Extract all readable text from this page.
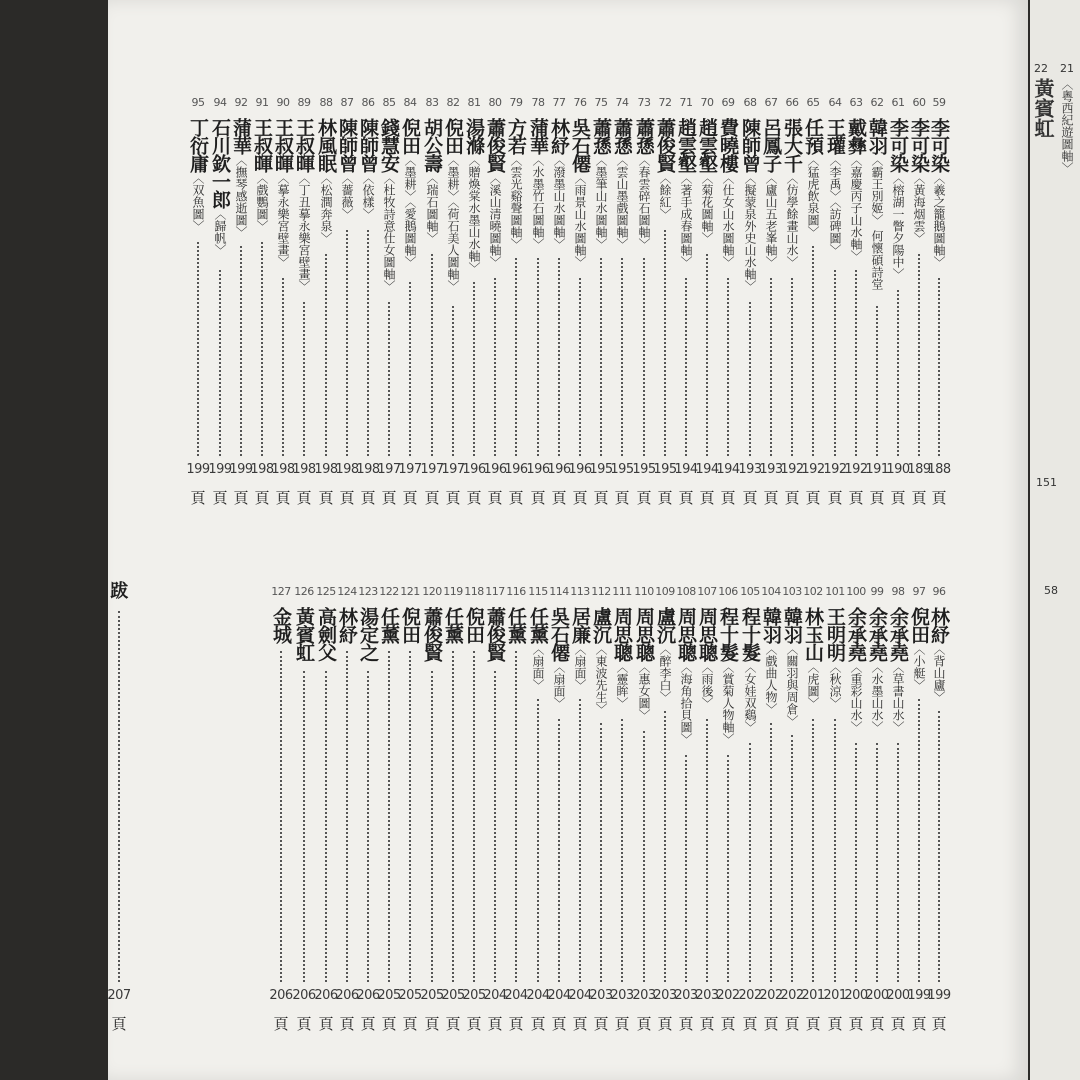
59
李可染〈羲之籠鵝圖軸〉
188
頁
60
李可染〈黃海烟雲〉
189
頁
61
李可染〈榕湖一瞥夕陽中〉
190
頁
62
韓羽〈霸王別姬〉 何懷碩詩堂
191
頁
63
戴彝〈嘉慶丙子山水軸〉
192
頁
64
王瓘〈李禹〉〈訪碑圖〉
192
頁
65
任預〈猛虎飲泉圖〉
192
頁
66
張大千〈仿學餘畫山水〉
192
頁
67
呂鳳子〈廬山五老峯軸〉
193
頁
68
陳師曾〈擬蒙泉外史山水軸〉
193
頁
69
費曉樓〈仕女山水圖軸〉
194
頁
70
趙雲壑〈菊花圖軸〉
194
頁
71
趙雲壑〈著手成春圖軸〉
194
頁
72
蕭俊賢〈餘紅〉
195
頁
73
蕭愻〈春雲碎石圖軸〉
195
頁
74
蕭愻〈雲山墨戲圖軸〉
195
頁
75
蕭愻〈墨筆山水圖軸〉
195
頁
76
吳石僊〈雨景山水圖軸〉
196
頁
77
林紓〈潑墨山水圖軸〉
196
頁
78
蒲華〈水墨竹石圖軸〉
196
頁
79
方若〈雲光谿聲圖軸〉
196
頁
80
蕭俊賢〈溪山清曉圖軸〉
196
頁
81
湯滌〈贈煥棠水墨山水軸〉
196
頁
82
倪田〈墨耕〉〈荷石美人圖軸〉
197
頁
83
胡公壽〈瑞石圖軸〉
197
頁
84
倪田〈墨耕〉〈愛鵝圖軸〉
197
頁
85
錢慧安〈杜牧詩意仕女圖軸〉
197
頁
86
陳師曾〈依樣〉
198
頁
87
陳師曾〈薔薇〉
198
頁
88
林風眠〈松澗奔泉〉
198
頁
89
王叔暉〈丁丑摹永樂宮壁畫〉
198
頁
90
王叔暉〈摹永樂宮壁畫〉
198
頁
91
王叔暉〈戲鸚圖〉
198
頁
92
蒲華〈撫琴感逝圖〉
199
頁
94
石川欽一郎〈歸帆〉
199
頁
95
丁衍庸〈双魚圖〉
199
頁
96
林紓〈背山廬〉
199
頁
97
倪田〈小艇〉
199
頁
98
余承堯〈草書山水〉
200
頁
99
余承堯〈水墨山水〉
200
頁
100
余承堯〈重彩山水〉
200
頁
101
王明明〈秋涼〉
201
頁
102
林玉山〈虎圖〉
201
頁
103
韓羽〈關羽與周倉〉
202
頁
104
韓羽〈戲曲人物〉
202
頁
105
程十髮〈女娃双鷄〉
202
頁
106
程十髮〈賞菊人物軸〉
202
頁
107
周思聰〈雨後〉
203
頁
108
周思聰〈海角拾貝圖〉
203
頁
109
盧沉〈醉李白〉
203
頁
110
周思聰〈惠女圖〉
203
頁
111
周思聰〈靈眸〉
203
頁
112
盧沉〈東波先生〉
203
頁
113
居廉〈扇面〉
204
頁
114
吳石僊〈扇面〉
204
頁
115
任薰〈扇面〉
204
頁
116
任薰
204
頁
117
蕭俊賢
204
頁
118
倪田
205
頁
119
任薰
205
頁
120
蕭俊賢
205
頁
121
倪田
205
頁
122
任薰
205
頁
123
湯定之
206
頁
124
林紓
206
頁
125
高劍父
206
頁
126
黃賓虹
206
頁
127
金城
206
頁
跋
207
頁
22 21
黃賓虹 〈粵西紀遊圖軸〉
151
58
